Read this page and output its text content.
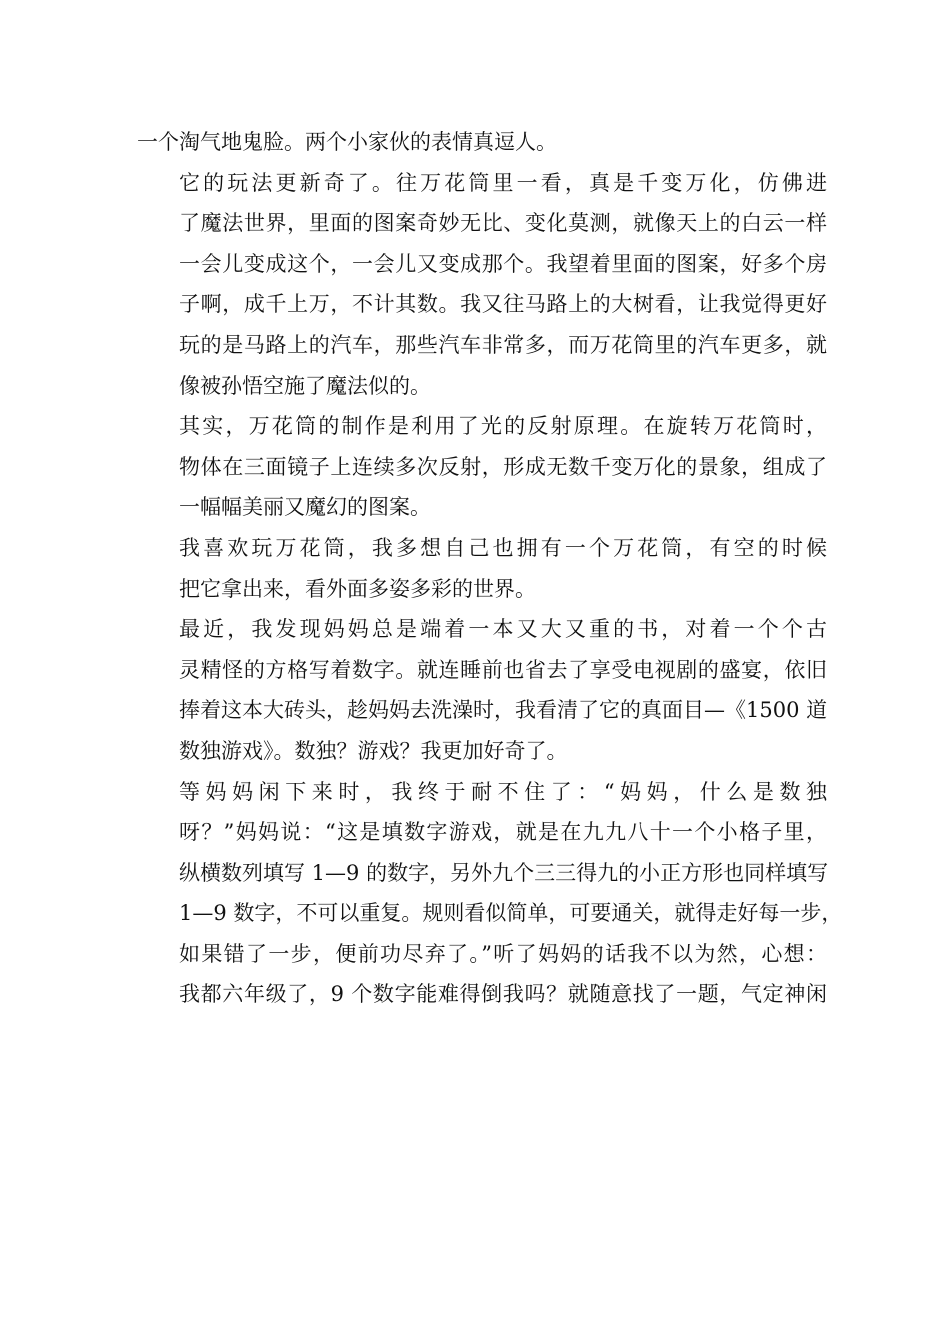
一个淘气地鬼脸。两个小家伙的表情真逗人。

它的玩法更新奇了。往万花筒里一看，真是千变万化，仿佛进
了魔法世界，里面的图案奇妙无比、变化莫测，就像天上的白云一样
一会儿变成这个，一会儿又变成那个。我望着里面的图案，好多个房
子啊，成千上万，不计其数。我又往马路上的大树看，让我觉得更好
玩的是马路上的汽车，那些汽车非常多，而万花筒里的汽车更多，就
像被孙悟空施了魔法似的。

其实，万花筒的制作是利用了光的反射原理。在旋转万花筒时，
物体在三面镜子上连续多次反射，形成无数千变万化的景象，组成了
一幅幅美丽又魔幻的图案。

我喜欢玩万花筒，我多想自己也拥有一个万花筒，有空的时候
把它拿出来，看外面多姿多彩的世界。

最近，我发现妈妈总是端着一本又大又重的书，对着一个个古
灵精怪的方格写着数字。就连睡前也省去了享受电视剧的盛宴，依旧
捧着这本大砖头，趁妈妈去洗澡时，我看清了它的真面目—《1500 道
数独游戏》。数独？游戏？我更加好奇了。

等妈妈闲下来时，我终于耐不住了：“妈妈，什么是数独
呀？”妈妈说：“这是填数字游戏，就是在九九八十一个小格子里，
纵横数列填写 1—9 的数字，另外九个三三得九的小正方形也同样填写
1—9 数字，不可以重复。规则看似简单，可要通关，就得走好每一步，
如果错了一步，便前功尽弃了。”听了妈妈的话我不以为然，心想：
我都六年级了，9 个数字能难得倒我吗？就随意找了一题，气定神闲
